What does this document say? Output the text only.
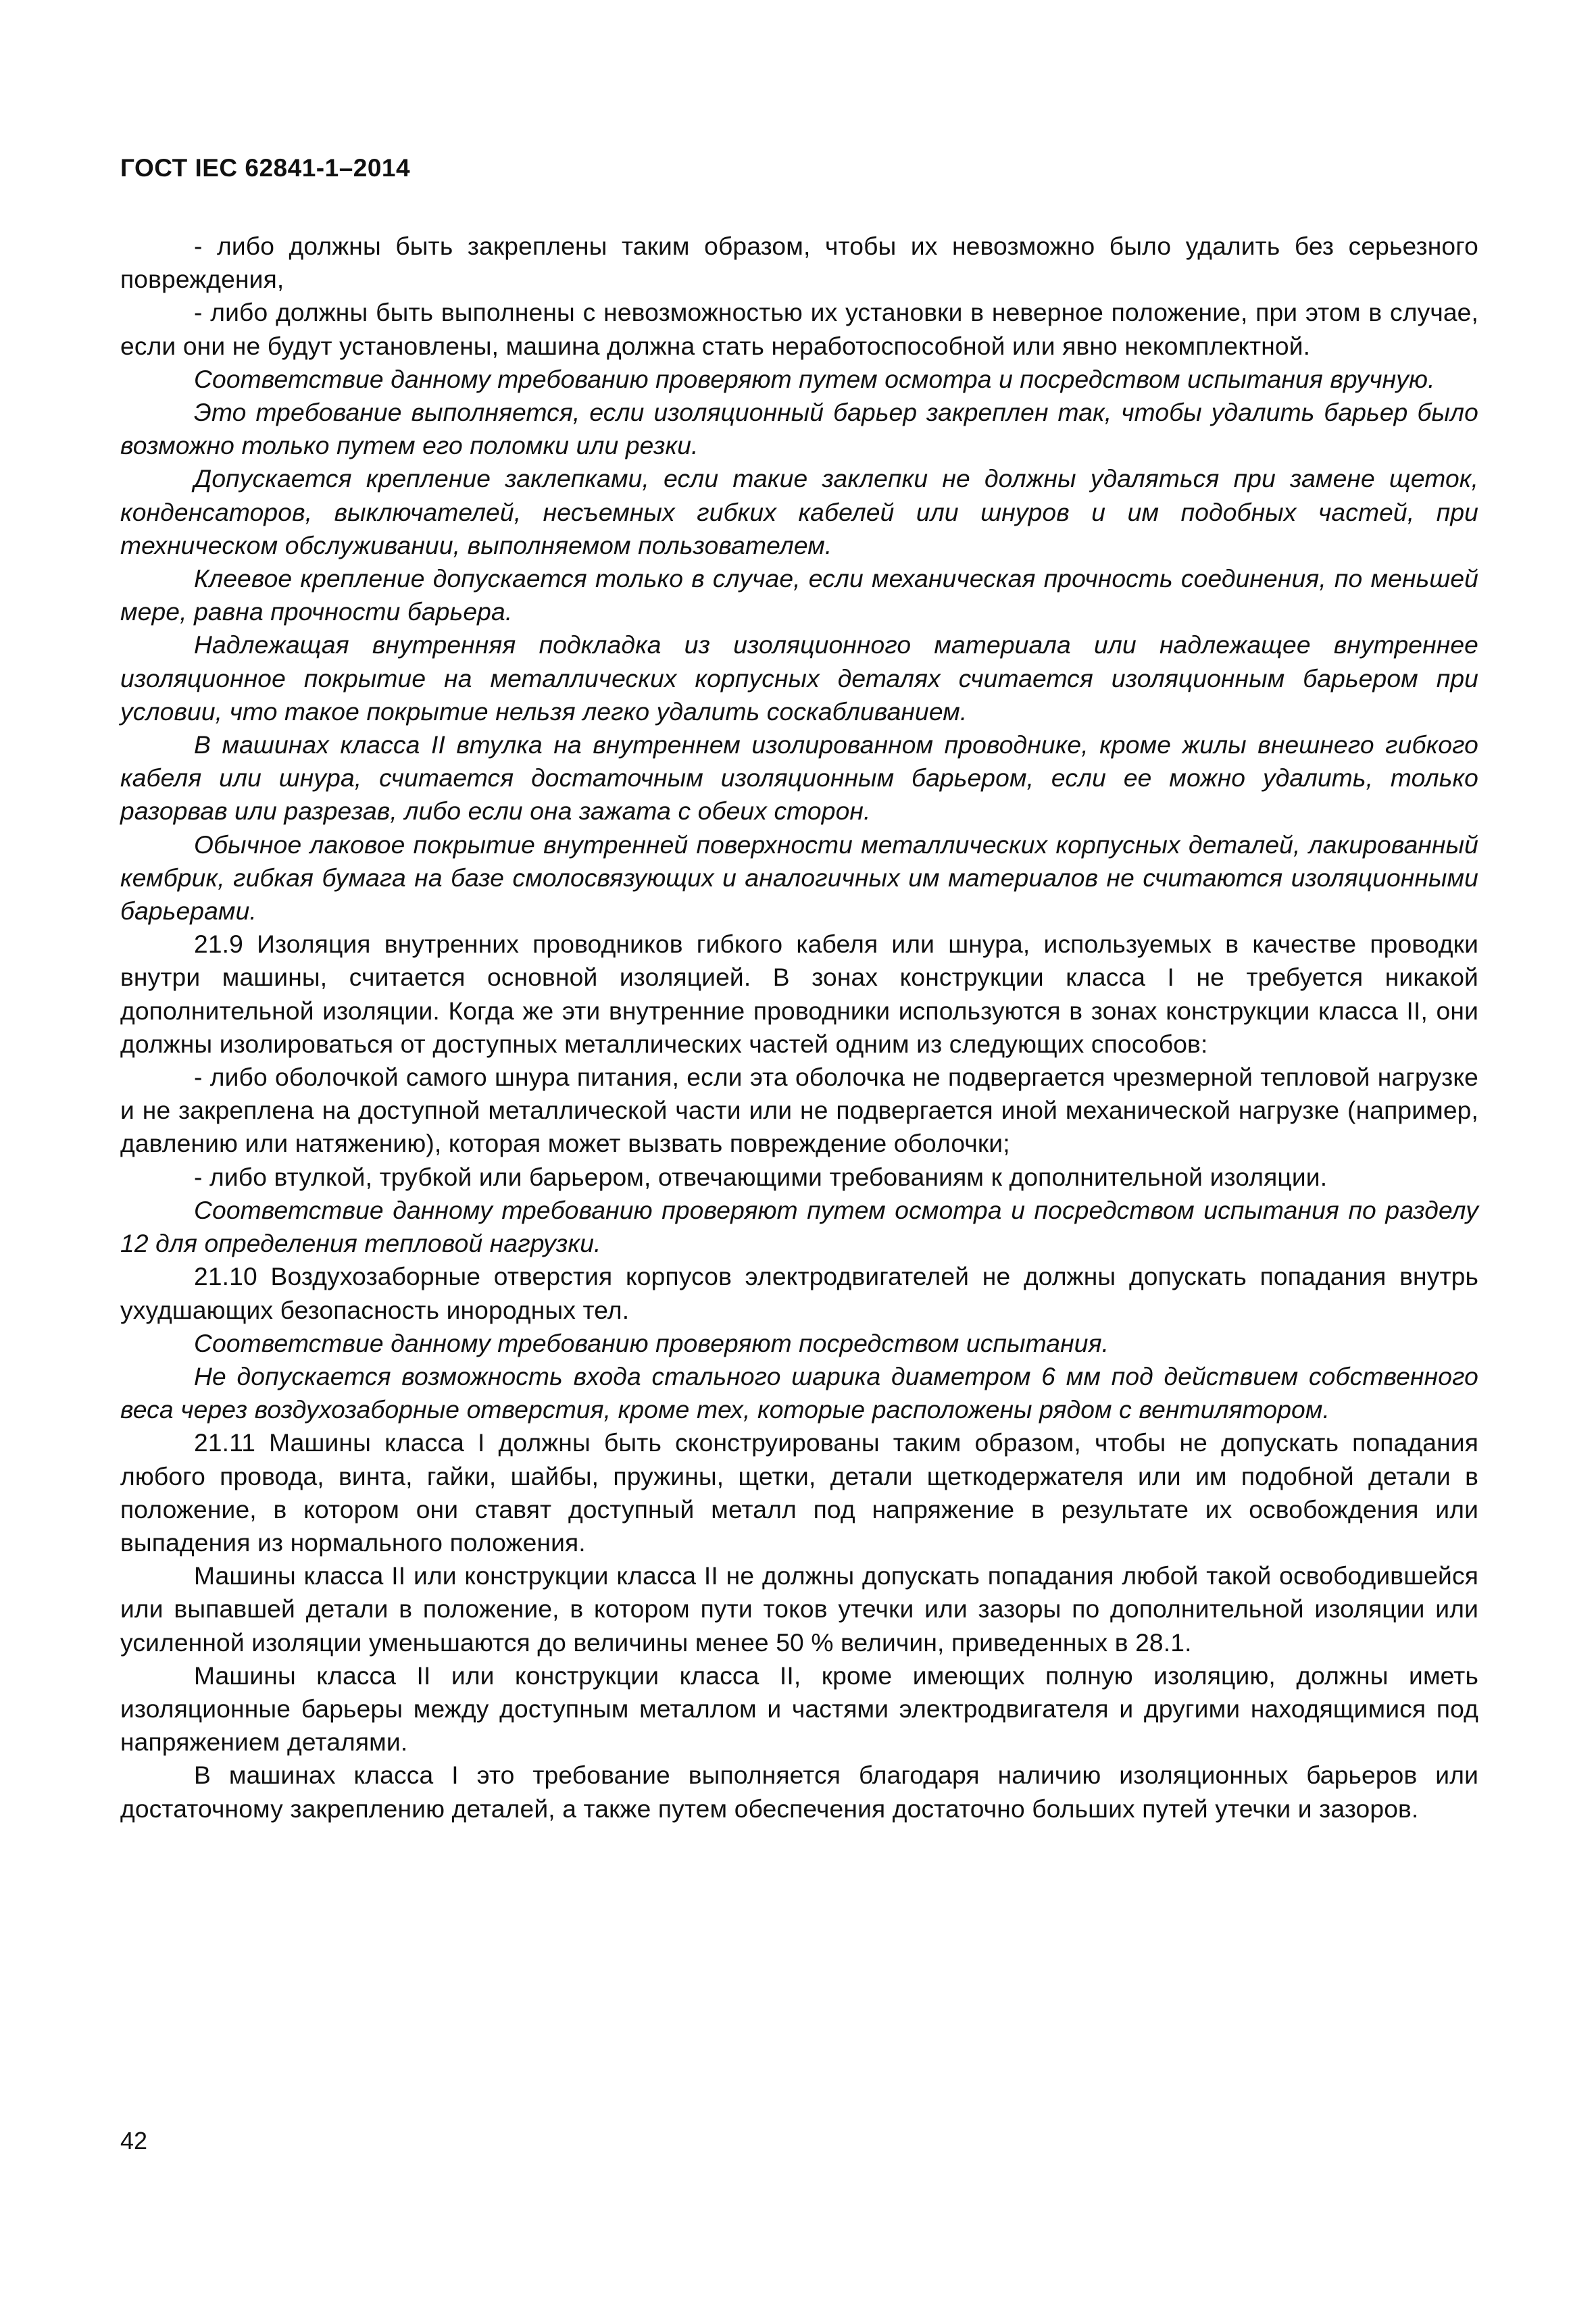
ГОСТ IEC 62841-1–2014

- либо должны быть закреплены таким образом, чтобы их невозможно было удалить без серьезного повреждения,

- либо должны быть выполнены с невозможностью их установки в неверное положение, при этом в случае, если они не будут установлены, машина должна стать неработоспособной или явно некомплектной.

Соответствие данному требованию проверяют путем осмотра и посредством испытания вручную.

Это требование выполняется, если изоляционный барьер закреплен так, чтобы удалить барьер было возможно только путем его поломки или резки.

Допускается крепление заклепками, если такие заклепки не должны удаляться при замене щеток, конденсаторов, выключателей, несъемных гибких кабелей или шнуров и им подобных частей, при техническом обслуживании, выполняемом пользователем.

Клеевое крепление допускается только в случае, если механическая прочность соединения, по меньшей мере, равна прочности барьера.

Надлежащая внутренняя подкладка из изоляционного материала или надлежащее внутреннее изоляционное покрытие на металлических корпусных деталях считается изоляционным барьером при условии, что такое покрытие нельзя легко удалить соскабливанием.

В машинах класса II втулка на внутреннем изолированном проводнике, кроме жилы внешнего гибкого кабеля или шнура, считается достаточным изоляционным барьером, если ее можно удалить, только разорвав или разрезав, либо если она зажата с обеих сторон.

Обычное лаковое покрытие внутренней поверхности металлических корпусных деталей, лакированный кембрик, гибкая бумага на базе смолосвязующих и аналогичных им материалов не считаются изоляционными барьерами.

21.9 Изоляция внутренних проводников гибкого кабеля или шнура, используемых в качестве проводки внутри машины, считается основной изоляцией. В зонах конструкции класса I не требуется никакой дополнительной изоляции. Когда же эти внутренние проводники используются в зонах конструкции класса II, они должны изолироваться от доступных металлических частей одним из следующих способов:

- либо оболочкой самого шнура питания, если эта оболочка не подвергается чрезмерной тепловой нагрузке и не закреплена на доступной металлической части или не подвергается иной механической нагрузке (например, давлению или натяжению), которая может вызвать повреждение оболочки;

- либо втулкой, трубкой или барьером, отвечающими требованиям к дополнительной изоляции.

Соответствие данному требованию проверяют путем осмотра и посредством испытания по разделу 12 для определения тепловой нагрузки.

21.10 Воздухозаборные отверстия корпусов электродвигателей не должны допускать попадания внутрь ухудшающих безопасность инородных тел.

Соответствие данному требованию проверяют посредством испытания.

Не допускается возможность входа стального шарика диаметром 6 мм под действием собственного веса через воздухозаборные отверстия, кроме тех, которые расположены рядом с вентилятором.

21.11 Машины класса I должны быть сконструированы таким образом, чтобы не допускать попадания любого провода, винта, гайки, шайбы, пружины, щетки, детали щеткодержателя или им подобной детали в положение, в котором они ставят доступный металл под напряжение в результате их освобождения или выпадения из нормального положения.

Машины класса II или конструкции класса II не должны допускать попадания любой такой освободившейся или выпавшей детали в положение, в котором пути токов утечки или зазоры по дополнительной изоляции или усиленной изоляции уменьшаются до величины менее 50 % величин, приведенных в 28.1.

Машины класса II или конструкции класса II, кроме имеющих полную изоляцию, должны иметь изоляционные барьеры между доступным металлом и частями электродвигателя и другими находящимися под напряжением деталями.

В машинах класса I это требование выполняется благодаря наличию изоляционных барьеров или достаточному закреплению деталей, а также путем обеспечения достаточно больших путей утечки и зазоров.

42
